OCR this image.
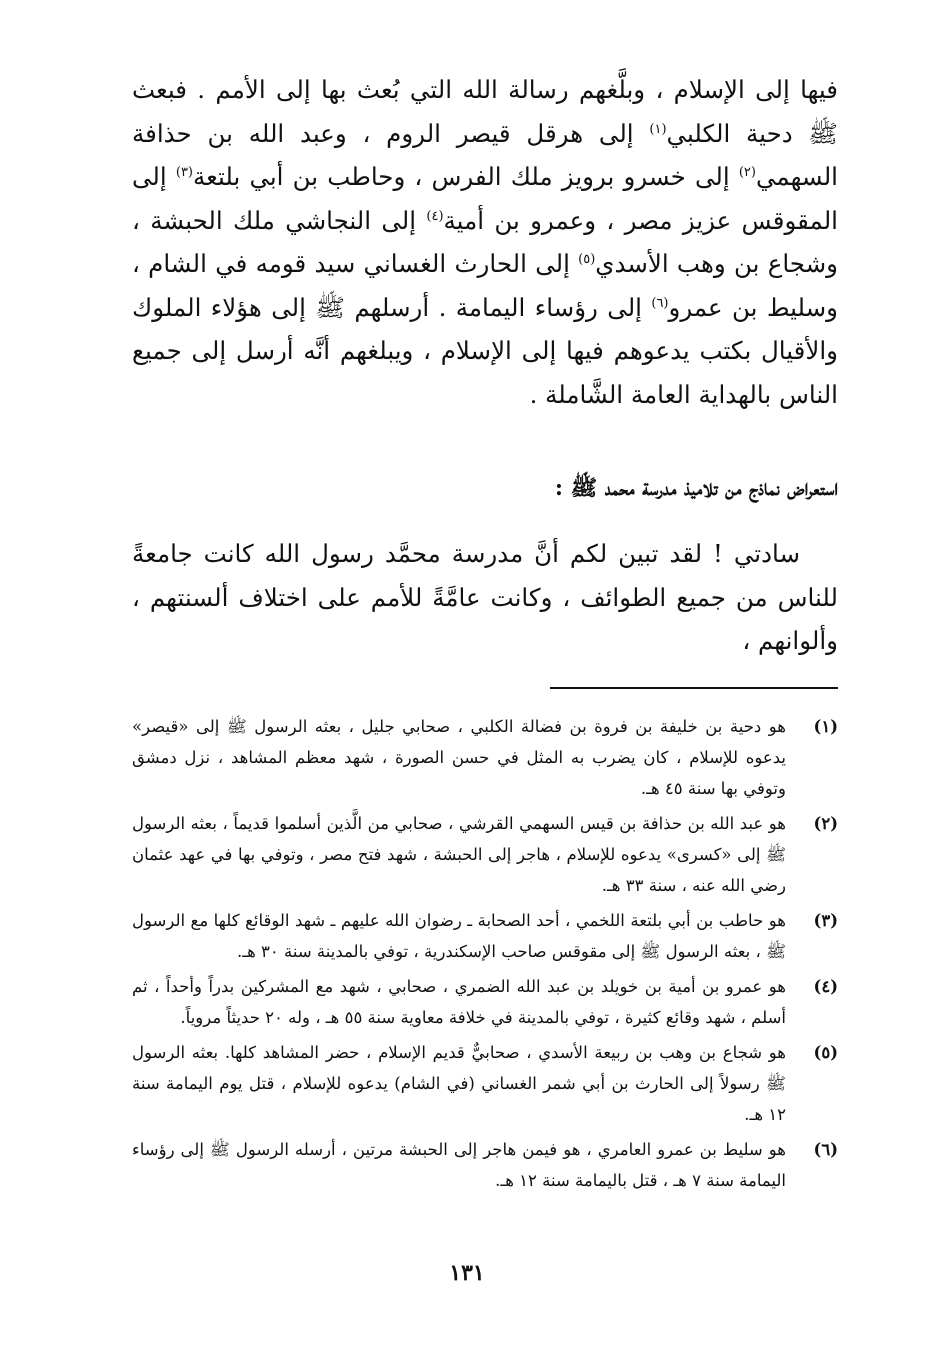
فيها إلى الإسلام ، وبلَّغهم رسالة الله التي بُعث بها إلى الأمم . فبعث ﷺ دحية الكلبي$^{(١)}$ إلى هرقل قيصر الروم ، وعبد الله بن حذافة السهمي$^{(٢)}$ إلى خسرو برويز ملك الفرس ، وحاطب بن أبي بلتعة$^{(٣)}$ إلى المقوقس عزيز مصر ، وعمرو بن أمية$^{(٤)}$ إلى النجاشي ملك الحبشة ، وشجاع بن وهب الأسدي$^{(٥)}$ إلى الحارث الغساني سيد قومه في الشام ، وسليط بن عمرو$^{(٦)}$ إلى رؤساء اليمامة . أرسلهم ﷺ إلى هؤلاء الملوك والأقيال بكتب يدعوهم فيها إلى الإسلام ، ويبلغهم أنَّه أرسل إلى جميع الناس بالهداية العامة الشَّاملة .

استعراض نماذج من تلاميذ مدرسة محمد ﷺ :

سادتي ! لقد تبين لكم أنَّ مدرسة محمَّد رسول الله كانت جامعةً للناس من جميع الطوائف ، وكانت عامَّةً للأمم على اختلاف ألسنتهم ، وألوانهم ،

(١)
هو دحية بن خليفة بن فروة بن فضالة الكلبي ، صحابي جليل ، بعثه الرسول ﷺ إلى «قيصر» يدعوه للإسلام ، كان يضرب به المثل في حسن الصورة ، شهد معظم المشاهد ، نزل دمشق وتوفي بها سنة ٤٥ هـ.
(٢)
هو عبد الله بن حذافة بن قيس السهمي القرشي ، صحابي من الَّذين أسلموا قديماً ، بعثه الرسول ﷺ إلى «كسرى» يدعوه للإسلام ، هاجر إلى الحبشة ، شهد فتح مصر ، وتوفي بها في عهد عثمان رضي الله عنه ، سنة ٣٣ هـ.
(٣)
هو حاطب بن أبي بلتعة اللخمي ، أحد الصحابة ـ رضوان الله عليهم ـ شهد الوقائع كلها مع الرسول ﷺ ، بعثه الرسول ﷺ إلى مقوقس صاحب الإسكندرية ، توفي بالمدينة سنة ٣٠ هـ.
(٤)
هو عمرو بن أمية بن خويلد بن عبد الله الضمري ، صحابي ، شهد مع المشركين بدراً وأحداً ، ثم أسلم ، شهد وقائع كثيرة ، توفي بالمدينة في خلافة معاوية سنة ٥٥ هـ ، وله ٢٠ حديثاً مروياً.
(٥)
هو شجاع بن وهب بن ربيعة الأسدي ، صحابيٌّ قديم الإسلام ، حضر المشاهد كلها. بعثه الرسول ﷺ رسولاً إلى الحارث بن أبي شمر الغساني (في الشام) يدعوه للإسلام ، قتل يوم اليمامة سنة ١٢ هـ.
(٦)
هو سليط بن عمرو العامري ، هو فيمن هاجر إلى الحبشة مرتين ، أرسله الرسول ﷺ إلى رؤساء اليمامة سنة ٧ هـ ، قتل باليمامة سنة ١٢ هـ.
١٣١
